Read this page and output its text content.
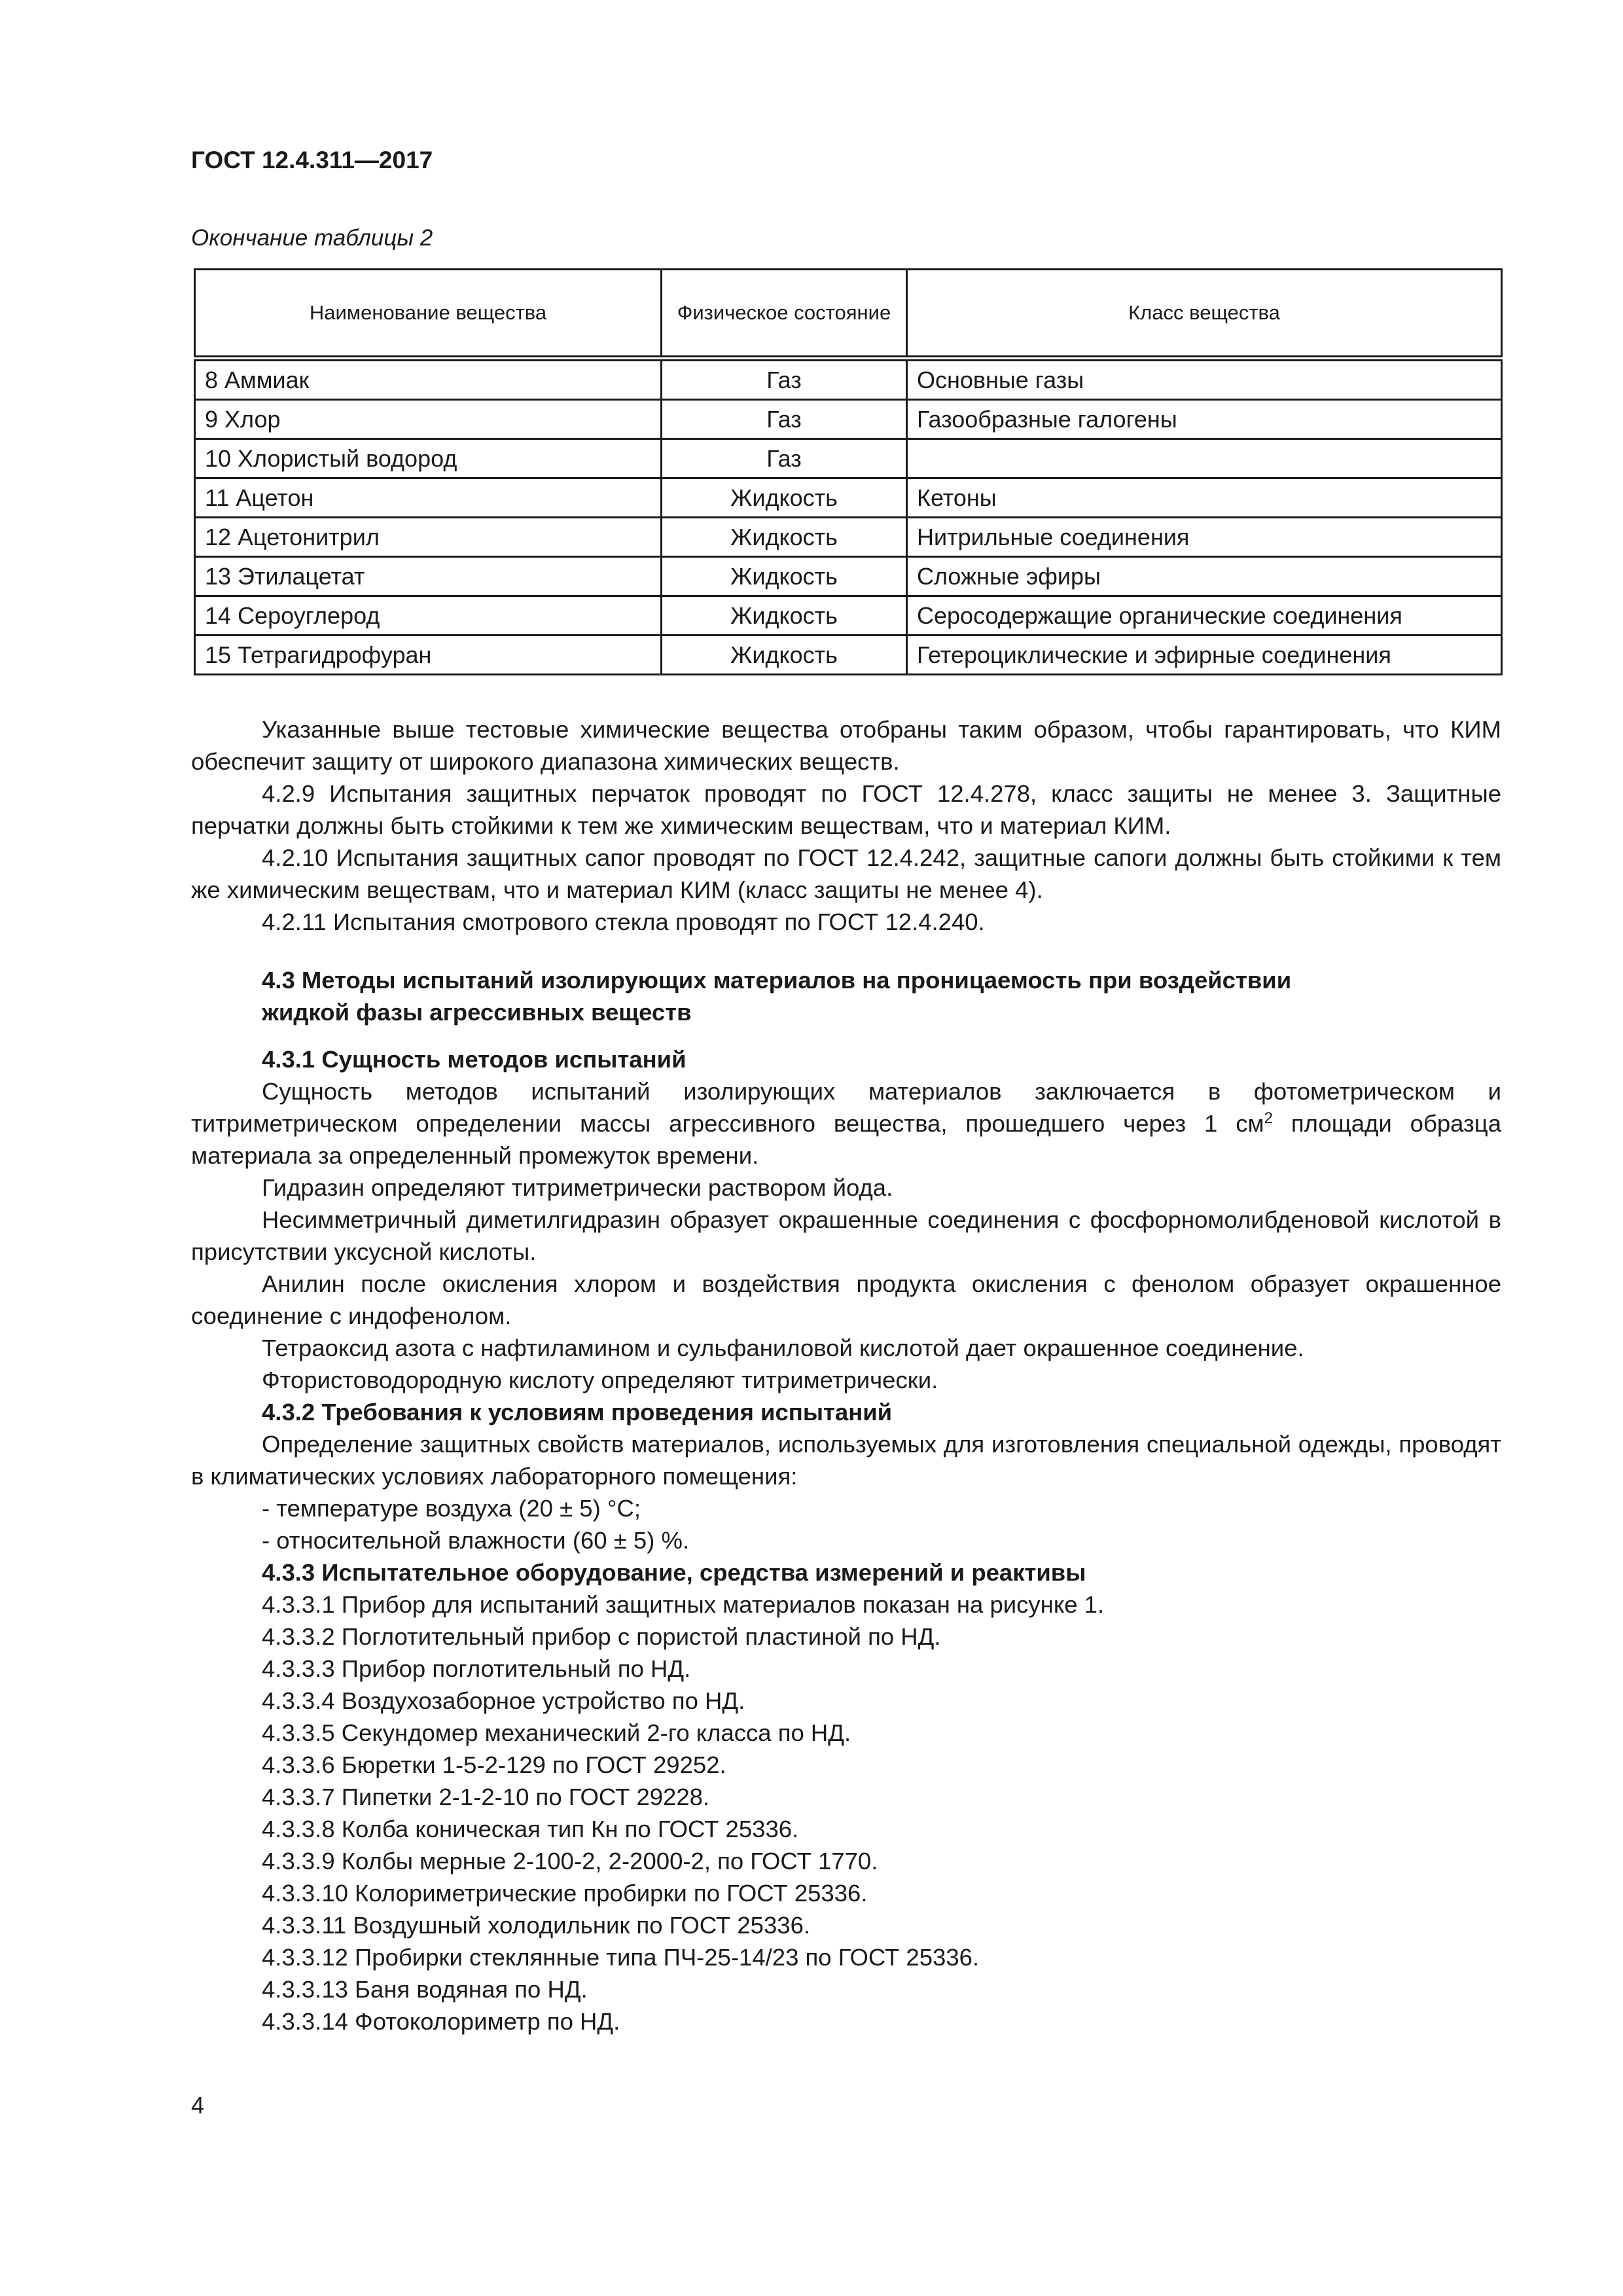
ГОСТ 12.4.311—2017
Окончание таблицы 2
Наименование вещества	Физическое состояние	Класс вещества
8 Аммиак	Газ	Основные газы
9 Хлор	Газ	Газообразные галогены
10 Хлористый водород	Газ	
11 Ацетон	Жидкость	Кетоны
12 Ацетонитрил	Жидкость	Нитрильные соединения
13 Этилацетат	Жидкость	Сложные эфиры
14 Сероуглерод	Жидкость	Серосодержащие органические соединения
15 Тетрагидрофуран	Жидкость	Гетероциклические и эфирные соединения

Указанные выше тестовые химические вещества отобраны таким образом, чтобы гарантировать, что КИМ обеспечит защиту от широкого диапазона химических веществ.

4.2.9 Испытания защитных перчаток проводят по ГОСТ 12.4.278, класс защиты не менее 3. Защитные перчатки должны быть стойкими к тем же химическим веществам, что и материал КИМ.

4.2.10 Испытания защитных сапог проводят по ГОСТ 12.4.242, защитные сапоги должны быть стойкими к тем же химическим веществам, что и материал КИМ (класс защиты не менее 4).

4.2.11 Испытания смотрового стекла проводят по ГОСТ 12.4.240.

4.3 Методы испытаний изолирующих материалов на проницаемость при воздействии

жидкой фазы агрессивных веществ

4.3.1 Сущность методов испытаний

Сущность методов испытаний изолирующих материалов заключается в фотометрическом и титриметрическом определении массы агрессивного вещества, прошедшего через 1 $см^2$ площади образца материала за определенный промежуток времени.

Гидразин определяют титриметрически раствором йода.

Несимметричный диметилгидразин образует окрашенные соединения с фосфорномолибденовой кислотой в присутствии уксусной кислоты.

Анилин после окисления хлором и воздействия продукта окисления с фенолом образует окрашенное соединение с индофенолом.

Тетраоксид азота с нафтиламином и сульфаниловой кислотой дает окрашенное соединение.

Фтористоводородную кислоту определяют титриметрически.

4.3.2 Требования к условиям проведения испытаний

Определение защитных свойств материалов, используемых для изготовления специальной одежды, проводят в климатических условиях лабораторного помещения:

- температуре воздуха (20 ± 5) °С;

- относительной влажности (60 ± 5) %.

4.3.3 Испытательное оборудование, средства измерений и реактивы

4.3.3.1 Прибор для испытаний защитных материалов показан на рисунке 1.

4.3.3.2 Поглотительный прибор с пористой пластиной по НД.

4.3.3.3 Прибор поглотительный по НД.

4.3.3.4 Воздухозаборное устройство по НД.

4.3.3.5 Секундомер механический 2-го класса по НД.

4.3.3.6 Бюретки 1-5-2-129 по ГОСТ 29252.

4.3.3.7 Пипетки 2-1-2-10 по ГОСТ 29228.

4.3.3.8 Колба коническая тип Кн по ГОСТ 25336.

4.3.3.9 Колбы мерные 2-100-2, 2-2000-2, по ГОСТ 1770.

4.3.3.10 Колориметрические пробирки по ГОСТ 25336.

4.3.3.11 Воздушный холодильник по ГОСТ 25336.

4.3.3.12 Пробирки стеклянные типа ПЧ-25-14/23 по ГОСТ 25336.

4.3.3.13 Баня водяная по НД.

4.3.3.14 Фотоколориметр по НД.

4
